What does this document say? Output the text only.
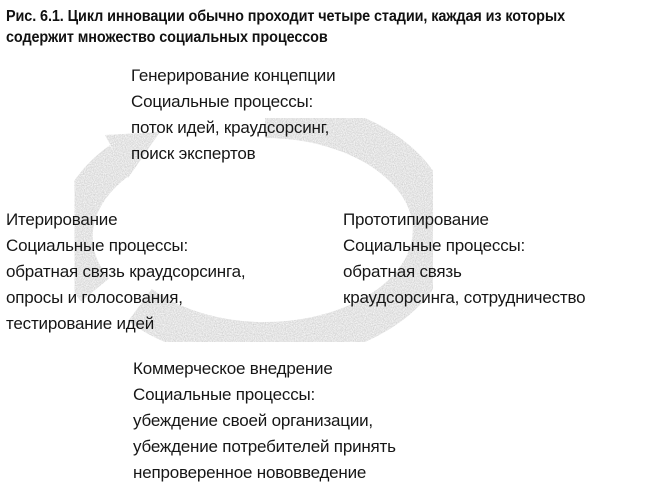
Рис. 6.1. Цикл инновации обычно проходит четыре стадии, каждая из которых
содержит множество социальных процессов
Генерирование концепции
Социальные процессы:
поток идей, краудсорсинг,
поиск экспертов
Итерирование
Социальные процессы:
обратная связь краудсорсинга,
опросы и голосования,
тестирование идей
Прототипирование
Социальные процессы:
обратная связь
краудсорсинга, сотрудничество
Коммерческое внедрение
Социальные процессы:
убеждение своей организации,
убеждение потребителей принять
непроверенное нововведение
